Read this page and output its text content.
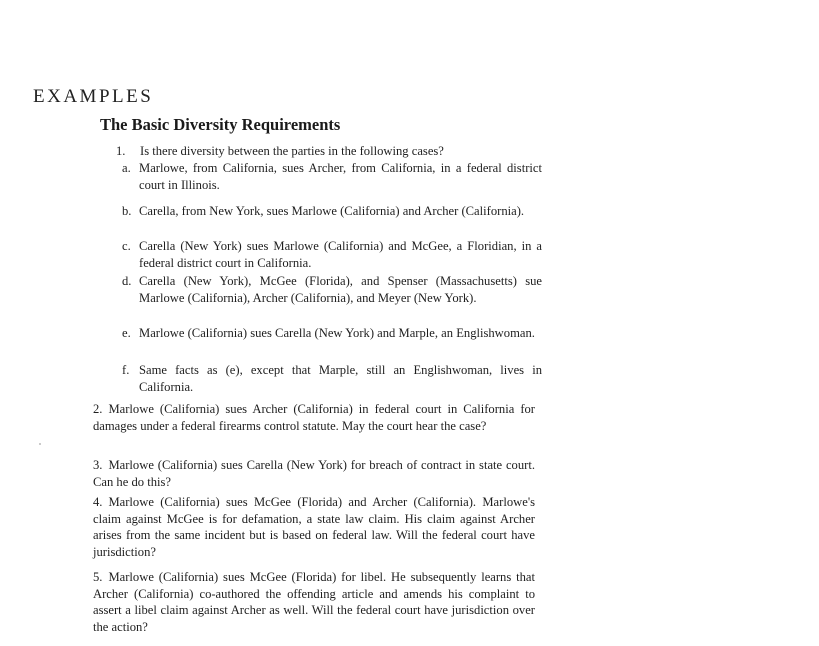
EXAMPLES
The Basic Diversity Requirements
1. Is there diversity between the parties in the following cases?
a. Marlowe, from California, sues Archer, from California, in a federal district court in Illinois.
b. Carella, from New York, sues Marlowe (California) and Archer (California).
c. Carella (New York) sues Marlowe (California) and McGee, a Floridian, in a federal district court in California.
d. Carella (New York), McGee (Florida), and Spenser (Massachusetts) sue Marlowe (California), Archer (California), and Meyer (New York).
e. Marlowe (California) sues Carella (New York) and Marple, an Englishwoman.
f. Same facts as (e), except that Marple, still an Englishwoman, lives in California.
2. Marlowe (California) sues Archer (California) in federal court in California for damages under a federal firearms control statute. May the court hear the case?
3. Marlowe (California) sues Carella (New York) for breach of contract in state court. Can he do this?
4. Marlowe (California) sues McGee (Florida) and Archer (California). Marlowe's claim against McGee is for defamation, a state law claim. His claim against Archer arises from the same incident but is based on federal law. Will the federal court have jurisdiction?
5. Marlowe (California) sues McGee (Florida) for libel. He subsequently learns that Archer (California) co-authored the offending article and amends his complaint to assert a libel claim against Archer as well. Will the federal court have jurisdiction over the action?
